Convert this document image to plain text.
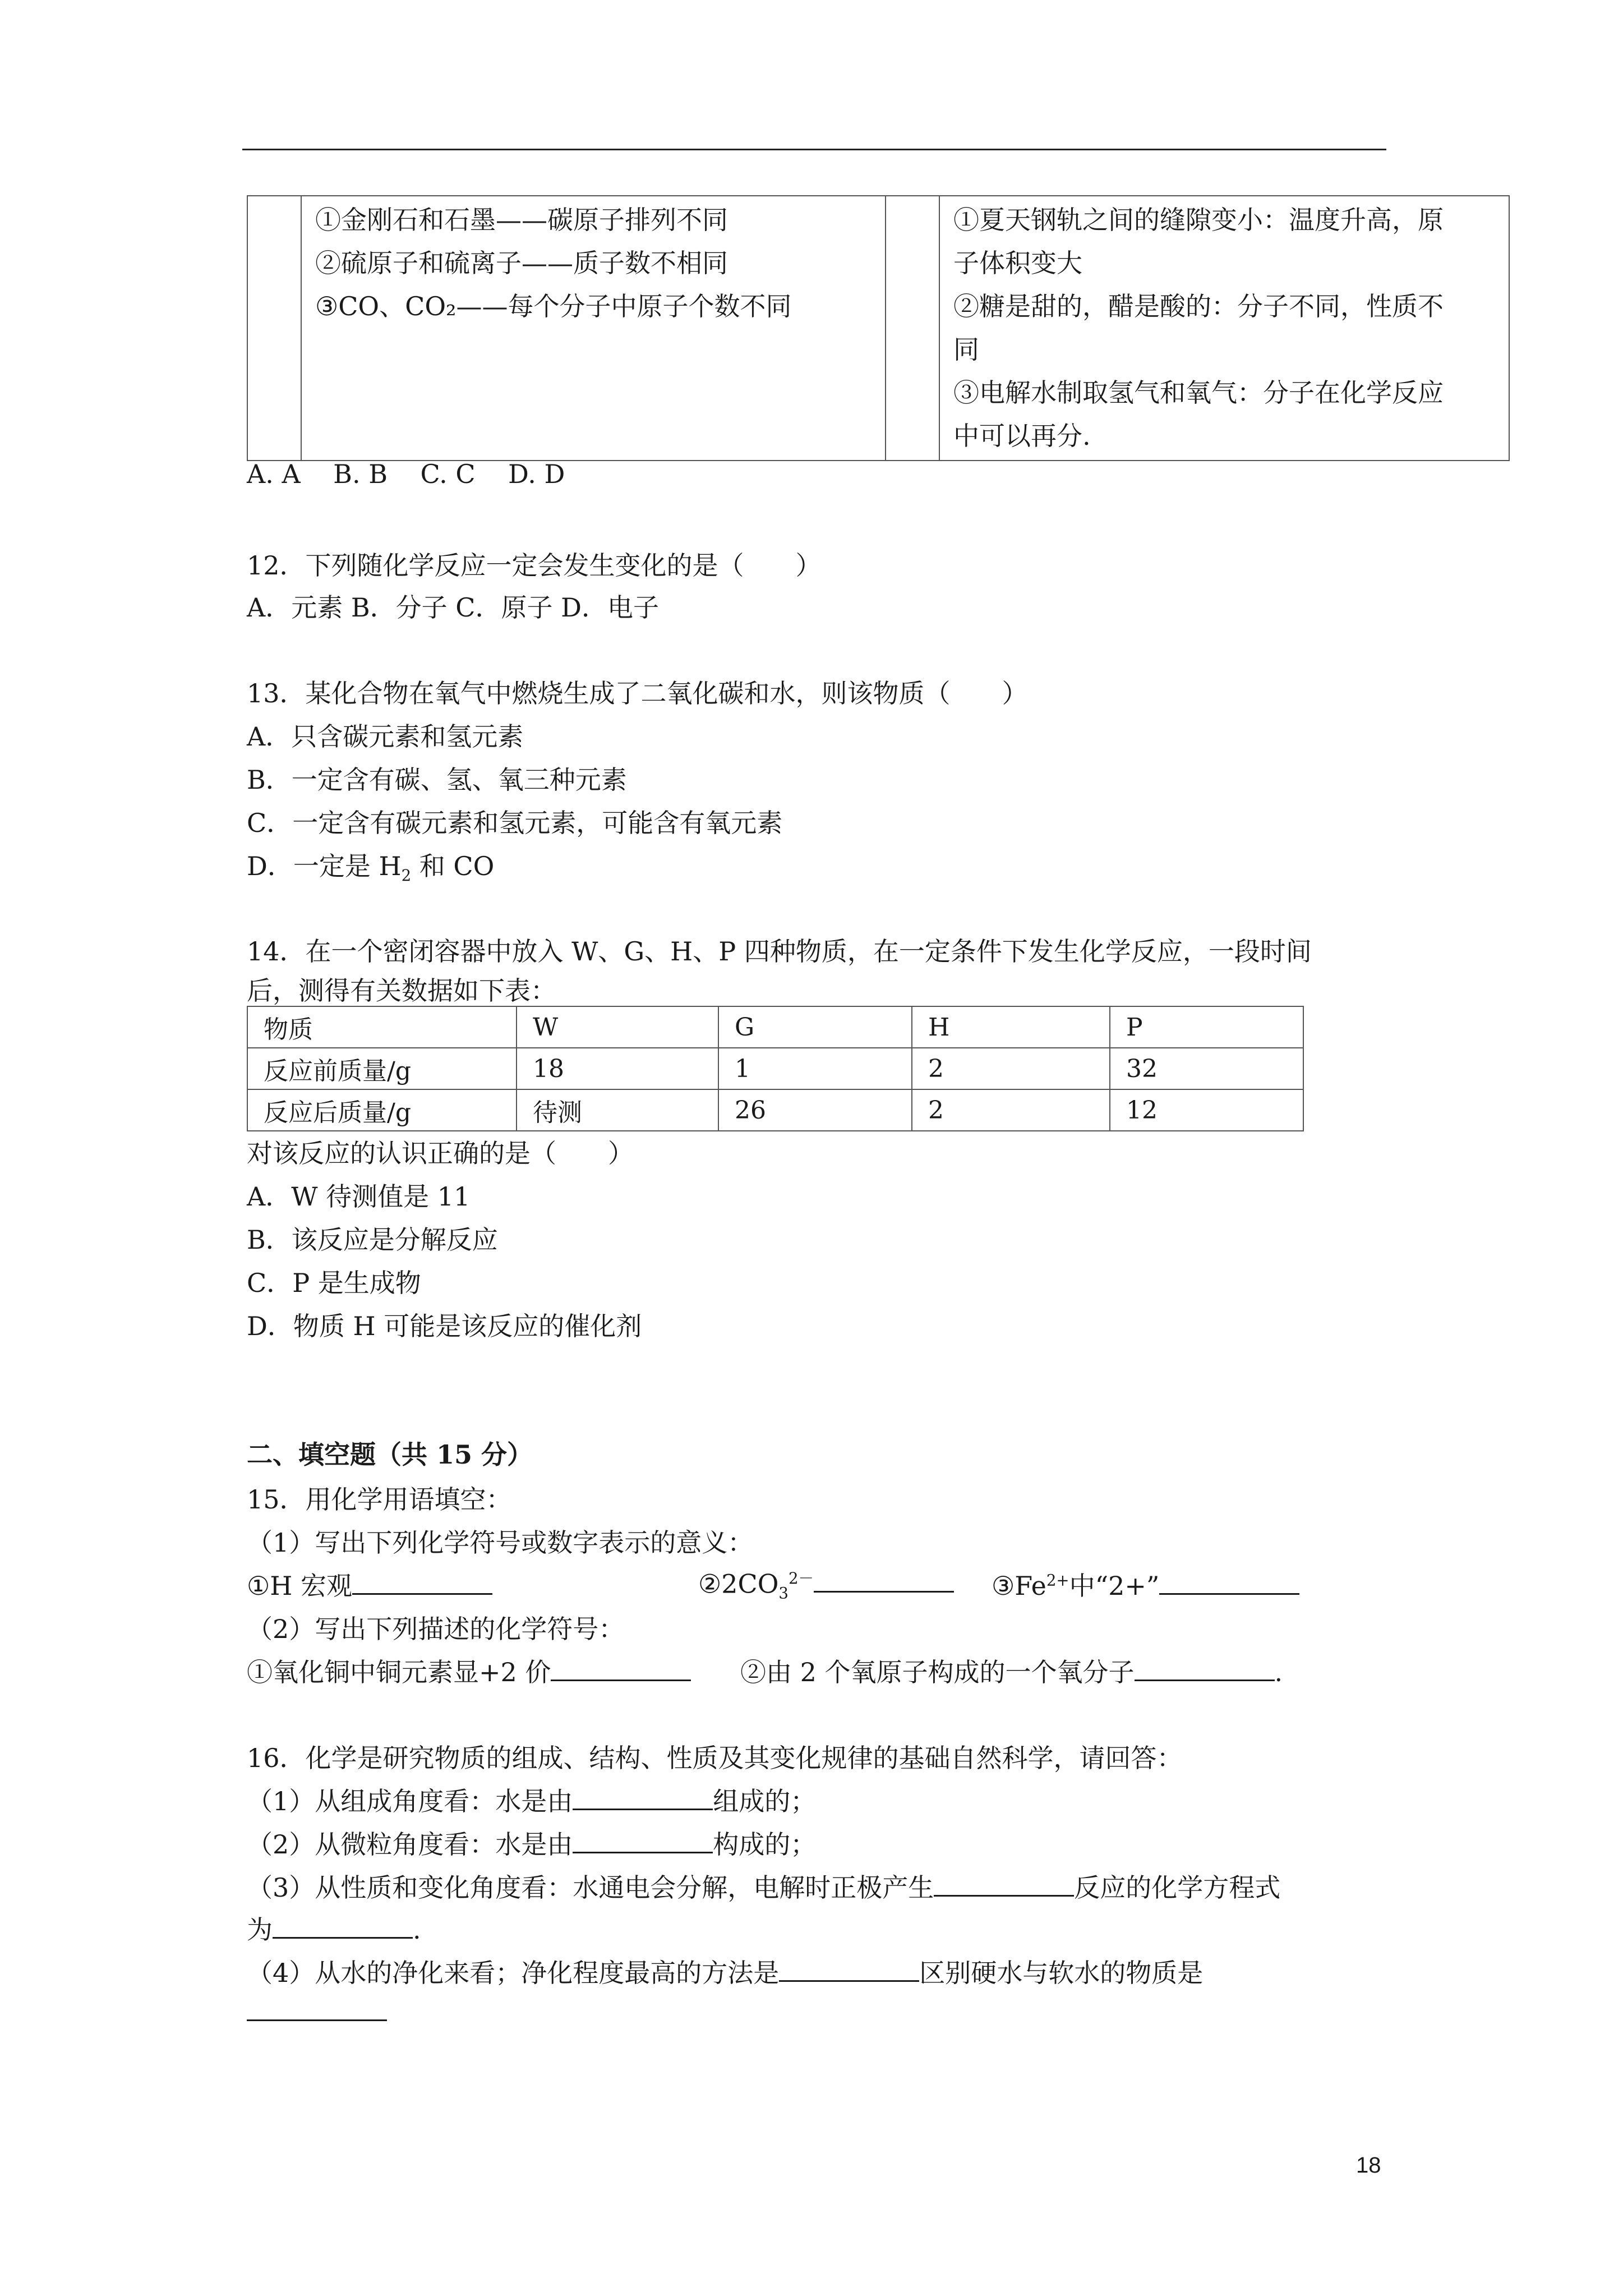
①金刚石和石墨——碳原子排列不同
②硫原子和硫离子——质子数不相同
③CO、CO₂——每个分子中原子个数不同

①夏天钢轨之间的缝隙变小：温度升高，原
子体积变大
②糖是甜的，醋是酸的：分子不同，性质不
同
③电解水制取氢气和氧气：分子在化学反应
中可以再分.
A. A    B. B    C. C    D. D
12．下列随化学反应一定会发生变化的是（　　）
A．元素 B．分子 C．原子 D．电子
13．某化合物在氧气中燃烧生成了二氧化碳和水，则该物质（　　）
A．只含碳元素和氢元素
B．一定含有碳、氢、氧三种元素
C．一定含有碳元素和氢元素，可能含有氧元素
D．一定是 $H_2$ 和 CO
14．在一个密闭容器中放入 W、G、H、P 四种物质，在一定条件下发生化学反应，一段时间
后，测得有关数据如下表：
物质	W	G	H	P
反应前质量/g	18	1	2	32
反应后质量/g	待测	26	2	12
对该反应的认识正确的是（　　）
A．W 待测值是 11
B．该反应是分解反应
C．P 是生成物
D．物质 H 可能是该反应的催化剂
二、填空题（共 15 分）
15．用化学用语填空：
（1）写出下列化学符号或数字表示的意义：
①H 宏观	$②2CO_3^{2-}$	$③Fe^{2+}$中“2+”
（2）写出下列描述的化学符号：
①氧化铜中铜元素显+2 价	②由 2 个氧原子构成的一个氧分子	.
16．化学是研究物质的组成、结构、性质及其变化规律的基础自然科学，请回答：
（1）从组成角度看：水是由	组成的；
（2）从微粒角度看：水是由	构成的；
（3）从性质和变化角度看：水通电会分解，电解时正极产生	反应的化学方程式
为	.
（4）从水的净化来看；净化程度最高的方法是	区别硬水与软水的物质是
18
